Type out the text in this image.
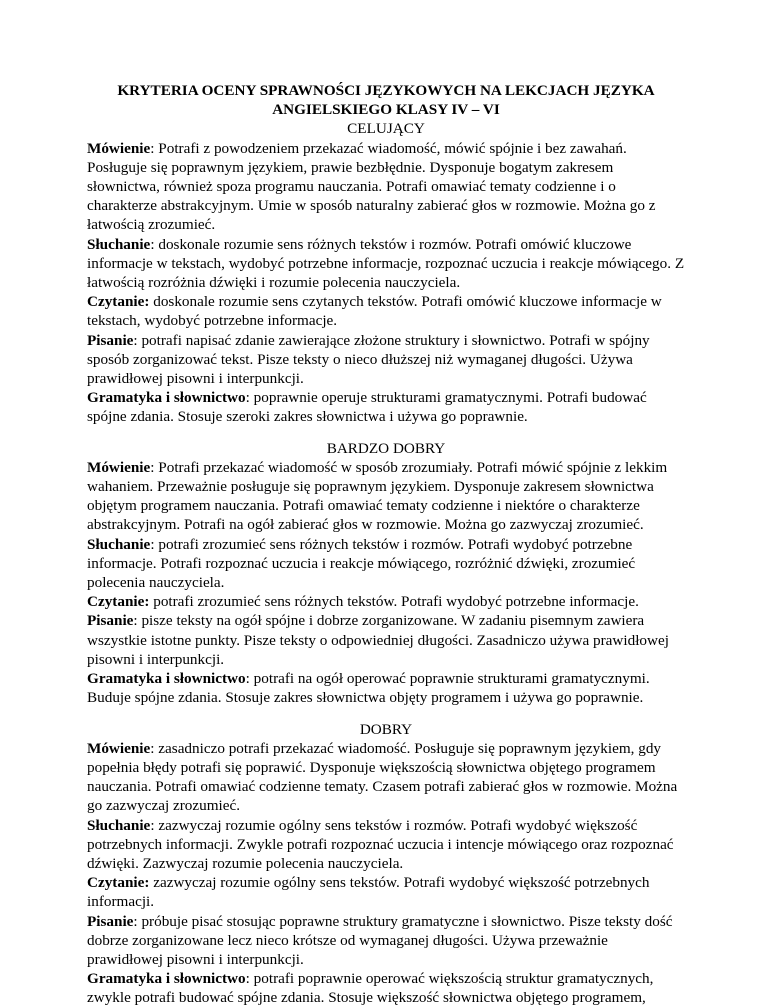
KRYTERIA OCENY SPRAWNOŚCI JĘZYKOWYCH NA LEKCJACH JĘZYKA

ANGIELSKIEGO KLASY IV – VI

CELUJĄCY

Mówienie: Potrafi z powodzeniem przekazać wiadomość, mówić spójnie i bez zawahań. Posługuje się poprawnym językiem, prawie bezbłędnie. Dysponuje bogatym zakresem słownictwa, również spoza programu nauczania. Potrafi omawiać tematy codzienne i o charakterze abstrakcyjnym. Umie w sposób naturalny zabierać głos w rozmowie. Można go z łatwością zrozumieć.

Słuchanie: doskonale rozumie sens różnych tekstów i rozmów. Potrafi omówić kluczowe informacje w tekstach, wydobyć potrzebne informacje, rozpoznać uczucia i reakcje mówiącego. Z łatwością rozróżnia dźwięki i rozumie polecenia nauczyciela.

Czytanie: doskonale rozumie sens czytanych tekstów. Potrafi omówić kluczowe informacje w tekstach, wydobyć potrzebne informacje.

Pisanie: potrafi napisać zdanie zawierające złożone struktury i słownictwo. Potrafi w spójny sposób zorganizować tekst. Pisze teksty o nieco dłuższej niż wymaganej długości. Używa prawidłowej pisowni i interpunkcji.

Gramatyka i słownictwo: poprawnie operuje strukturami gramatycznymi. Potrafi budować spójne zdania. Stosuje szeroki zakres słownictwa i używa go poprawnie.

BARDZO DOBRY

Mówienie: Potrafi przekazać wiadomość w sposób zrozumiały. Potrafi mówić spójnie z lekkim wahaniem. Przeważnie posługuje się poprawnym językiem. Dysponuje zakresem słownictwa objętym programem nauczania. Potrafi omawiać tematy codzienne i niektóre o charakterze abstrakcyjnym. Potrafi na ogół zabierać głos w rozmowie. Można go zazwyczaj zrozumieć.

Słuchanie: potrafi zrozumieć sens różnych tekstów i rozmów. Potrafi wydobyć potrzebne informacje. Potrafi rozpoznać uczucia i reakcje mówiącego, rozróżnić dźwięki, zrozumieć polecenia nauczyciela.

Czytanie: potrafi zrozumieć sens różnych tekstów. Potrafi wydobyć potrzebne informacje.

Pisanie: pisze teksty na ogół spójne i dobrze zorganizowane. W zadaniu pisemnym zawiera wszystkie istotne punkty. Pisze teksty o odpowiedniej długości. Zasadniczo używa prawidłowej pisowni i interpunkcji.

Gramatyka i słownictwo: potrafi na ogół operować poprawnie strukturami gramatycznymi. Buduje spójne zdania. Stosuje zakres słownictwa objęty programem i używa go poprawnie.

DOBRY

Mówienie: zasadniczo potrafi przekazać wiadomość. Posługuje się poprawnym językiem, gdy popełnia błędy potrafi się poprawić. Dysponuje większością słownictwa objętego programem nauczania. Potrafi omawiać codzienne tematy. Czasem potrafi zabierać głos w rozmowie. Można go zazwyczaj zrozumieć.

Słuchanie: zazwyczaj rozumie ogólny sens tekstów i rozmów. Potrafi wydobyć większość potrzebnych informacji. Zwykle potrafi rozpoznać uczucia i intencje mówiącego oraz rozpoznać dźwięki. Zazwyczaj rozumie polecenia nauczyciela.

Czytanie: zazwyczaj rozumie ogólny sens tekstów. Potrafi wydobyć większość potrzebnych informacji.

Pisanie: próbuje pisać stosując poprawne struktury gramatyczne i słownictwo. Pisze teksty dość dobrze zorganizowane lecz nieco krótsze od wymaganej długości. Używa przeważnie prawidłowej pisowni i interpunkcji.

Gramatyka i słownictwo: potrafi poprawnie operować większością struktur gramatycznych, zwykle potrafi budować spójne zdania. Stosuje większość słownictwa objętego programem,
